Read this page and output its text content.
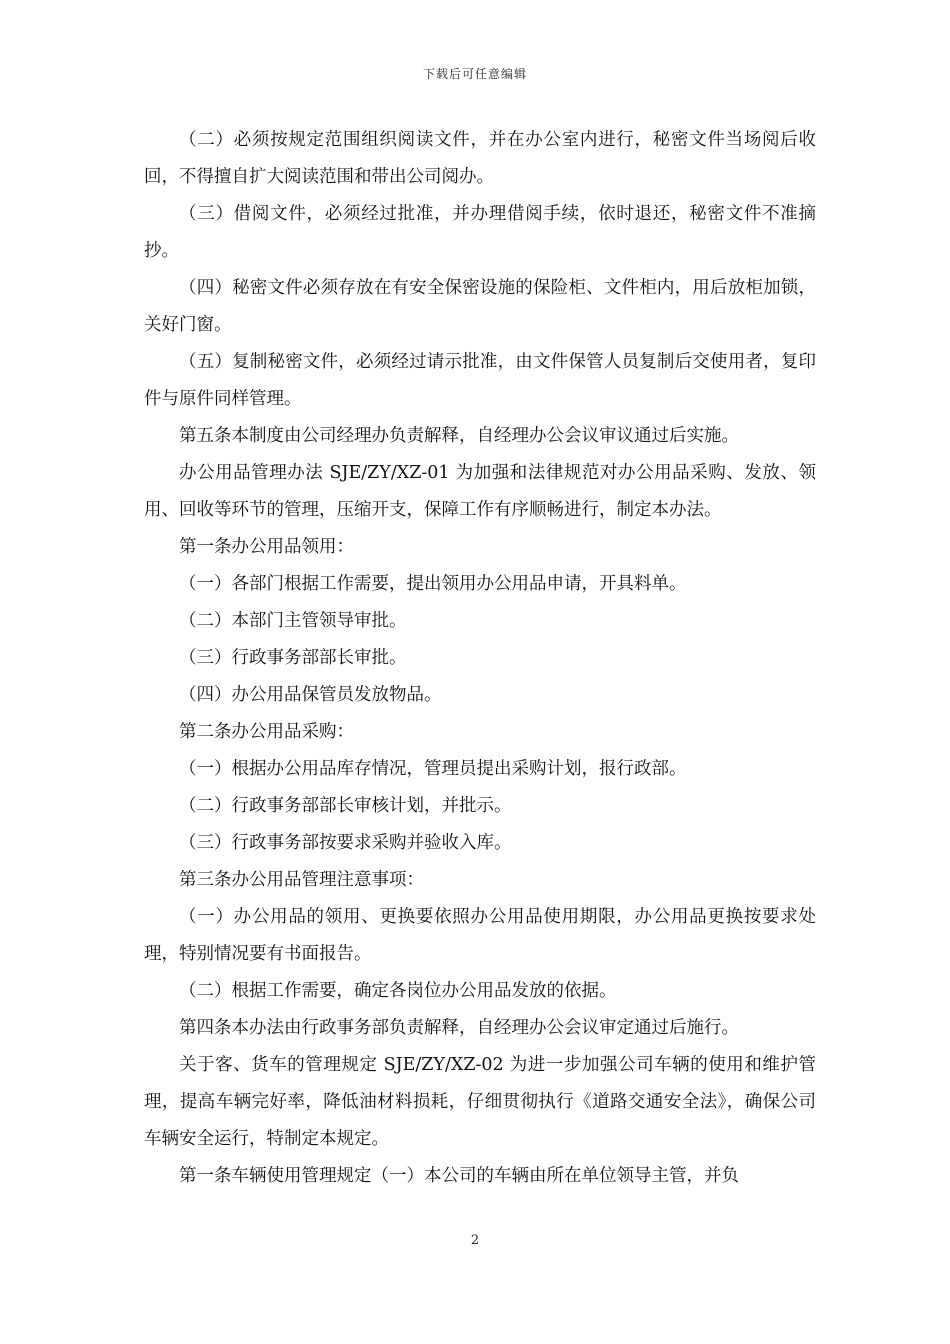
下载后可任意编辑

（二）必须按规定范围组织阅读文件，并在办公室内进行，秘密文件当场阅后收回，不得擅自扩大阅读范围和带出公司阅办。

（三）借阅文件，必须经过批准，并办理借阅手续，依时退还，秘密文件不准摘抄。

（四）秘密文件必须存放在有安全保密设施的保险柜、文件柜内，用后放柜加锁，关好门窗。

（五）复制秘密文件，必须经过请示批准，由文件保管人员复制后交使用者，复印件与原件同样管理。

第五条本制度由公司经理办负责解释，自经理办公会议审议通过后实施。

办公用品管理办法 SJE/ZY/XZ-01 为加强和法律规范对办公用品采购、发放、领用、回收等环节的管理，压缩开支，保障工作有序顺畅进行，制定本办法。

第一条办公用品领用：

（一）各部门根据工作需要，提出领用办公用品申请，开具料单。

（二）本部门主管领导审批。

（三）行政事务部部长审批。

（四）办公用品保管员发放物品。

第二条办公用品采购：

（一）根据办公用品库存情况，管理员提出采购计划，报行政部。

（二）行政事务部部长审核计划，并批示。

（三）行政事务部按要求采购并验收入库。

第三条办公用品管理注意事项：

（一）办公用品的领用、更换要依照办公用品使用期限，办公用品更换按要求处理，特别情况要有书面报告。

（二）根据工作需要，确定各岗位办公用品发放的依据。

第四条本办法由行政事务部负责解释，自经理办公会议审定通过后施行。

关于客、货车的管理规定 SJE/ZY/XZ-02 为进一步加强公司车辆的使用和维护管理，提高车辆完好率，降低油材料损耗，仔细贯彻执行《道路交通安全法》，确保公司车辆安全运行，特制定本规定。

第一条车辆使用管理规定（一）本公司的车辆由所在单位领导主管，并负

2
